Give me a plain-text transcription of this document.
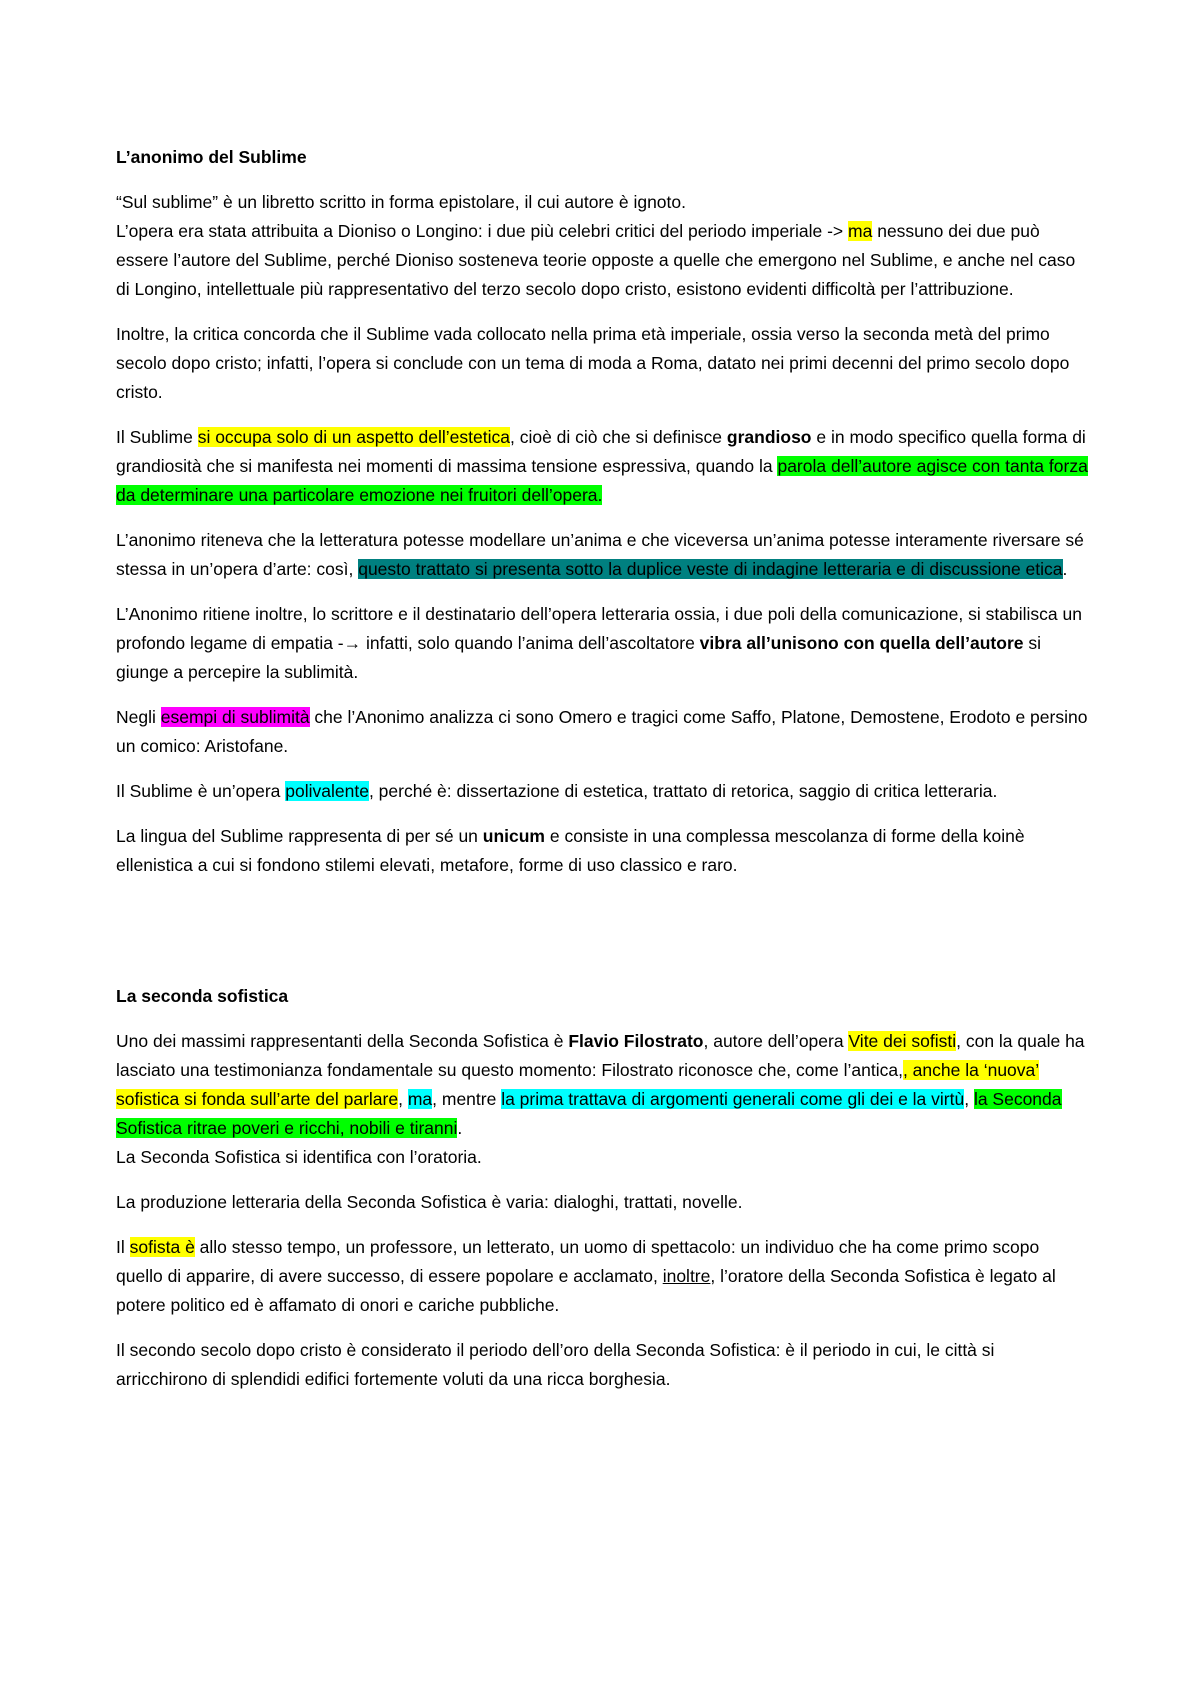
L’anonimo del Sublime

“Sul sublime” è un libretto scritto in forma epistolare, il cui autore è ignoto.
L’opera era stata attribuita a Dioniso o Longino: i due più celebri critici del periodo imperiale -> ma nessuno dei due può essere l’autore del Sublime, perché Dioniso sosteneva teorie opposte a quelle che emergono nel Sublime, e anche nel caso di Longino, intellettuale più rappresentativo del terzo secolo dopo cristo, esistono evidenti difficoltà per l’attribuzione.

Inoltre, la critica concorda che il Sublime vada collocato nella prima età imperiale, ossia verso la seconda metà del primo secolo dopo cristo; infatti, l’opera si conclude con un tema di moda a Roma, datato nei primi decenni del primo secolo dopo cristo.

Il Sublime si occupa solo di un aspetto dell’estetica, cioè di ciò che si definisce grandioso e in modo specifico quella forma di grandiosità che si manifesta nei momenti di massima tensione espressiva, quando la parola dell’autore agisce con tanta forza da determinare una particolare emozione nei fruitori dell’opera.

L’anonimo riteneva che la letteratura potesse modellare un’anima e che viceversa un’anima potesse interamente riversare sé stessa in un’opera d’arte: così, questo trattato si presenta sotto la duplice veste di indagine letteraria e di discussione etica.

L’Anonimo ritiene inoltre, lo scrittore e il destinatario dell’opera letteraria ossia, i due poli della comunicazione, si stabilisca un profondo legame di empatia -→ infatti, solo quando l’anima dell’ascoltatore vibra all’unisono con quella dell’autore si giunge a percepire la sublimità.

Negli esempi di sublimità che l’Anonimo analizza ci sono Omero e tragici come Saffo, Platone, Demostene, Erodoto e persino un comico: Aristofane.

Il Sublime è un’opera polivalente, perché è: dissertazione di estetica, trattato di retorica, saggio di critica letteraria.

La lingua del Sublime rappresenta di per sé un unicum e consiste in una complessa mescolanza di forme della koinè ellenistica a cui si fondono stilemi elevati, metafore, forme di uso classico e raro.

La seconda sofistica

Uno dei massimi rappresentanti della Seconda Sofistica è Flavio Filostrato, autore dell’opera Vite dei sofisti, con la quale ha lasciato una testimonianza fondamentale su questo momento: Filostrato riconosce che, come l’antica,, anche la ‘nuova’ sofistica si fonda sull’arte del parlare, ma, mentre la prima trattava di argomenti generali come gli dei e la virtù, la Seconda Sofistica ritrae poveri e ricchi, nobili e tiranni.
La Seconda Sofistica si identifica con l’oratoria.

La produzione letteraria della Seconda Sofistica è varia: dialoghi, trattati, novelle.

Il sofista è allo stesso tempo, un professore, un letterato, un uomo di spettacolo: un individuo che ha come primo scopo quello di apparire, di avere successo, di essere popolare e acclamato, inoltre, l’oratore della Seconda Sofistica è legato al potere politico ed è affamato di onori e cariche pubbliche.

Il secondo secolo dopo cristo è considerato il periodo dell’oro della Seconda Sofistica: è il periodo in cui, le città si arricchirono di splendidi edifici fortemente voluti da una ricca borghesia.
